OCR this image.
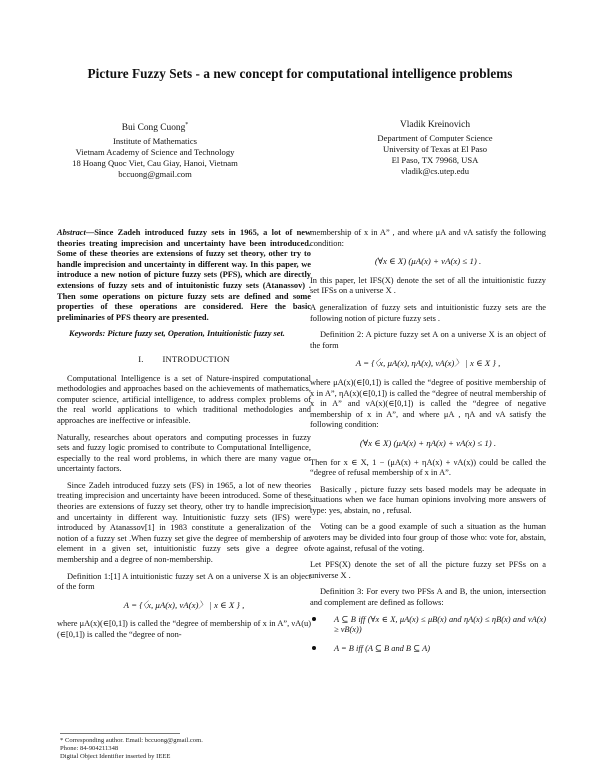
Picture Fuzzy Sets - a new concept for computational intelligence problems
Bui Cong Cuong*
Institute of Mathematics
Vietnam Academy of Science and Technology
18 Hoang Quoc Viet, Cau Giay, Hanoi, Vietnam
bccuong@gmail.com
Vladik Kreinovich
Department of Computer Science
University of Texas at El Paso
El Paso, TX 79968, USA
vladik@cs.utep.edu

Abstract—Since Zadeh introduced fuzzy sets in 1965, a lot of new theories treating imprecision and uncertainty have been introduced. Some of these theories are extensions of fuzzy set theory, other try to handle imprecision and uncertainty in different way. In this paper, we introduce a new notion of picture fuzzy sets (PFS), which are directly extensions of fuzzy sets and of intuitonistic fuzzy sets (Atanassov) . Then some operations on picture fuzzy sets are defined and some properties of these operations are considered. Here the basic preliminaries of PFS theory are presented.

Keywords: Picture fuzzy set, Operation, Intuitionistic fuzzy set.

I. INTRODUCTION

Computational Intelligence is a set of Nature-inspired computational methodologies and approaches based on the achievements of mathematics, computer science, artificial intelligence, to address complex problems of the real world applications to which traditional methodologies and approaches are ineffective or infeasible.

Naturally, researches about operators and computing processes in fuzzy sets and fuzzy logic promised to contribute to Computational Intelligence, especially to the real word problems, in which there are many vague or uncertainty factors.

Since Zadeh introduced fuzzy sets (FS) in 1965, a lot of new theories treating imprecision and uncertainty have beeen introduced. Some of these theories are extensions of fuzzy set theory, other try to handle imprecision and uncertainty in different way. Intuitionistic fuzzy sets (IFS) were introduced by Atanassov[1] in 1983 constitute a generalization of the notion of a fuzzy set .When fuzzy set give the degree of membership of an element in a given set, intuitionistic fuzzy sets give a degree of membership and a degree of non-membership.

Definition 1:[1] A intuitionistic fuzzy set A on a universe X is an object of the form

A = {〈x, μA(x), νA(x)〉 | x ∈ X } ,

where μA(x)(∈[0,1]) is called the “degree of membership of x in A”, νA(u)(∈[0,1]) is called the “degree of non-

membership of x in A” , and where μA and νA satisfy the following condition:

(∀x ∈ X) (μA(x) + νA(x) ≤ 1) .

In this paper, let IFS(X) denote the set of all the intuitionistic fuzzy set IFSs on a universe X .

A generalization of fuzzy sets and intuitionistic fuzzy sets are the following notion of picture fuzzy sets .

Definition 2: A picture fuzzy set A on a universe X is an object of the form

A = {〈x, μA(x), ηA(x), νA(x)〉 | x ∈ X } ,

where μA(x)(∈[0,1]) is called the “degree of positive membership of x in A”, ηA(x)(∈[0,1]) is called the “degree of neutral membership of x in A” and νA(x)(∈[0,1]) is called the “degree of negative membership of x in A”, and where μA , ηA and νA satisfy the following condition:

(∀x ∈ X) (μA(x) + ηA(x) + νA(x) ≤ 1) .

Then for x ∈ X, 1 − (μA(x) + ηA(x) + νA(x)) could be called the “degree of refusal membership of x in A”.

Basically , picture fuzzy sets based models may be adequate in situations when we face human opinions involving more answers of type: yes, abstain, no , refusal.

Voting can be a good example of such a situation as the human voters may be divided into four group of those who: vote for, abstain, vote against, refusal of the voting.

Let PFS(X) denote the set of all the picture fuzzy set PFSs on a universe X .

Definition 3: For every two PFSs A and B, the union, intersection and complement are defined as follows:

A ⊆ B iff (∀x ∈ X, μA(x) ≤ μB(x) and ηA(x) ≤ ηB(x) and νA(x) ≥ νB(x))
A = B iff (A ⊆ B and B ⊆ A)
* Corresponding author. Email: bccuong@gmail.com.
Phone: 84-904211348
Digital Object Identifier inserted by IEEE
